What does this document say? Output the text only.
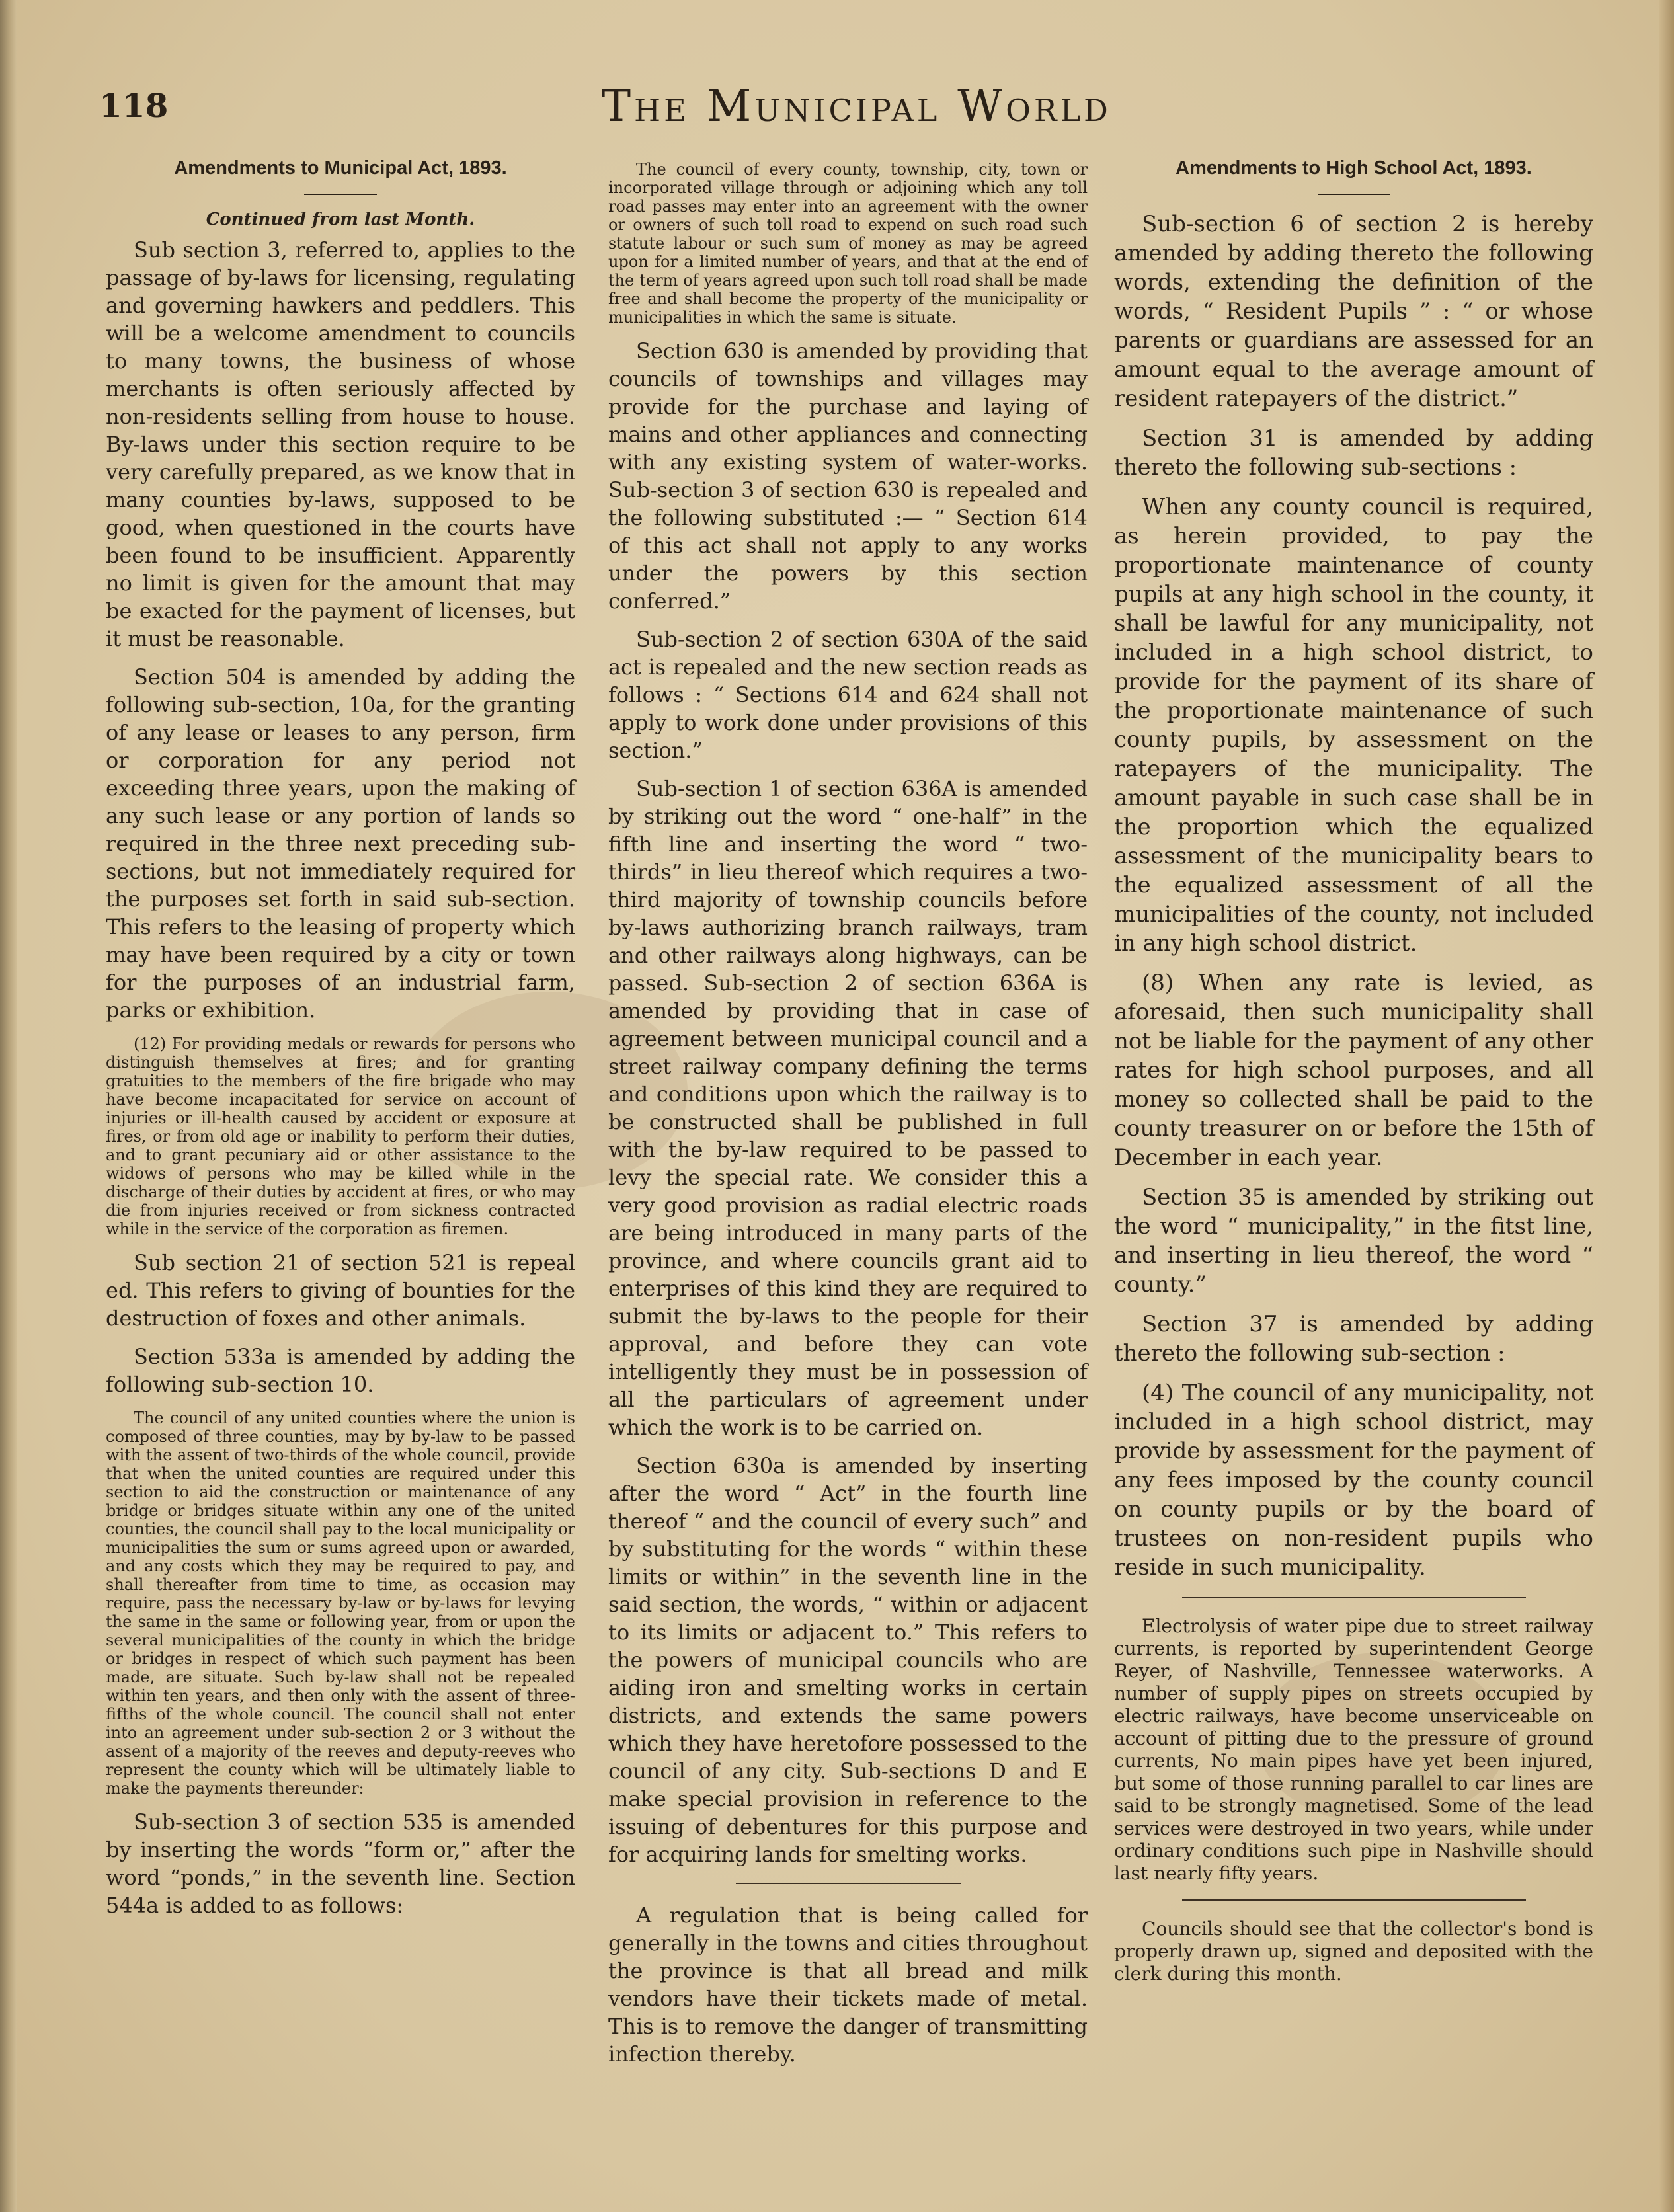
118	The Municipal World
Amendments to Municipal Act, 1893.
Continued from last Month.

Sub section 3, referred to, applies to the passage of by-laws for licensing, regulating and governing hawkers and peddlers. This will be a welcome amendment to councils to many towns, the business of whose merchants is often seriously affected by non-residents selling from house to house. By-laws under this section require to be very carefully prepared, as we know that in many counties by-laws, supposed to be good, when questioned in the courts have been found to be insufficient. Apparently no limit is given for the amount that may be exacted for the payment of licenses, but it must be reasonable.

Section 504 is amended by adding the following sub-section, 10a, for the granting of any lease or leases to any person, firm or corporation for any period not exceeding three years, upon the making of any such lease or any portion of lands so required in the three next preceding sub-sections, but not immediately required for the purposes set forth in said sub-section. This refers to the leasing of property which may have been required by a city or town for the purposes of an industrial farm, parks or exhibition.

(12) For providing medals or rewards for persons who distinguish themselves at fires; and for granting gratuities to the members of the fire brigade who may have become incapacitated for service on account of injuries or ill-health caused by accident or exposure at fires, or from old age or inability to perform their duties, and to grant pecuniary aid or other assistance to the widows of persons who may be killed while in the discharge of their duties by accident at fires, or who may die from injuries received or from sickness contracted while in the service of the corporation as firemen.

Sub section 21 of section 521 is repeal ed. This refers to giving of bounties for the destruction of foxes and other animals.

Section 533a is amended by adding the following sub-section 10.

The council of any united counties where the union is composed of three counties, may by by-law to be passed with the assent of two-thirds of the whole council, provide that when the united counties are required under this section to aid the construction or maintenance of any bridge or bridges situate within any one of the united counties, the council shall pay to the local municipality or municipalities the sum or sums agreed upon or awarded, and any costs which they may be required to pay, and shall thereafter from time to time, as occasion may require, pass the necessary by-law or by-laws for levying the same in the same or following year, from or upon the several municipalities of the county in which the bridge or bridges in respect of which such payment has been made, are situate. Such by-law shall not be repealed within ten years, and then only with the assent of three-fifths of the whole council. The council shall not enter into an agreement under sub-section 2 or 3 without the assent of a majority of the reeves and deputy-reeves who represent the county which will be ultimately liable to make the payments thereunder:

Sub-section 3 of section 535 is amended by inserting the words “form or,” after the word “ponds,” in the seventh line. Section 544a is added to as follows:

The council of every county, township, city, town or incorporated village through or adjoining which any toll road passes may enter into an agreement with the owner or owners of such toll road to expend on such road such statute labour or such sum of money as may be agreed upon for a limited number of years, and that at the end of the term of years agreed upon such toll road shall be made free and shall become the property of the municipality or municipalities in which the same is situate.

Section 630 is amended by providing that councils of townships and villages may provide for the purchase and laying of mains and other appliances and connecting with any existing system of water-works. Sub-section 3 of section 630 is repealed and the following substituted :— “ Section 614 of this act shall not apply to any works under the powers by this section conferred.”

Sub-section 2 of section 630A of the said act is repealed and the new section reads as follows : “ Sections 614 and 624 shall not apply to work done under provisions of this section.”

Sub-section 1 of section 636A is amended by striking out the word “ one-half” in the fifth line and inserting the word “ two-thirds” in lieu thereof which requires a two-third majority of township councils before by-laws authorizing branch railways, tram and other railways along highways, can be passed. Sub-section 2 of section 636A is amended by providing that in case of agreement between municipal council and a street railway company defining the terms and conditions upon which the railway is to be constructed shall be published in full with the by-law required to be passed to levy the special rate. We consider this a very good provision as radial electric roads are being introduced in many parts of the province, and where councils grant aid to enterprises of this kind they are required to submit the by-laws to the people for their approval, and before they can vote intelligently they must be in possession of all the particulars of agreement under which the work is to be carried on.

Section 630a is amended by inserting after the word “ Act” in the fourth line thereof “ and the council of every such” and by substituting for the words “ within these limits or within” in the seventh line in the said section, the words, “ within or adjacent to its limits or adjacent to.” This refers to the powers of municipal councils who are aiding iron and smelting works in certain districts, and extends the same powers which they have heretofore possessed to the council of any city. Sub-sections D and E make special provision in reference to the issuing of debentures for this purpose and for acquiring lands for smelting works.

A regulation that is being called for generally in the towns and cities throughout the province is that all bread and milk vendors have their tickets made of metal. This is to remove the danger of transmitting infection thereby.

Amendments to High School Act, 1893.

Sub-section 6 of section 2 is hereby amended by adding thereto the following words, extending the definition of the words, “ Resident Pupils ” : “ or whose parents or guardians are assessed for an amount equal to the average amount of resident ratepayers of the district.”

Section 31 is amended by adding thereto the following sub-sections :

When any county council is required, as herein provided, to pay the proportionate maintenance of county pupils at any high school in the county, it shall be lawful for any municipality, not included in a high school district, to provide for the payment of its share of the proportionate maintenance of such county pupils, by assessment on the ratepayers of the municipality. The amount payable in such case shall be in the proportion which the equalized assessment of the municipality bears to the equalized assessment of all the municipalities of the county, not included in any high school district.

(8) When any rate is levied, as aforesaid, then such municipality shall not be liable for the payment of any other rates for high school purposes, and all money so collected shall be paid to the county treasurer on or before the 15th of December in each year.

Section 35 is amended by striking out the word “ municipality,” in the fitst line, and inserting in lieu thereof, the word “ county.”

Section 37 is amended by adding thereto the following sub-section :

(4) The council of any municipality, not included in a high school district, may provide by assessment for the payment of any fees imposed by the county council on county pupils or by the board of trustees on non-resident pupils who reside in such municipality.

Electrolysis of water pipe due to street railway currents, is reported by superintendent George Reyer, of Nashville, Tennessee waterworks. A number of supply pipes on streets occupied by electric railways, have become unserviceable on account of pitting due to the pressure of ground currents, No main pipes have yet been injured, but some of those running parallel to car lines are said to be strongly magnetised. Some of the lead services were destroyed in two years, while under ordinary conditions such pipe in Nashville should last nearly fifty years.

Councils should see that the collector's bond is properly drawn up, signed and deposited with the clerk during this month.
